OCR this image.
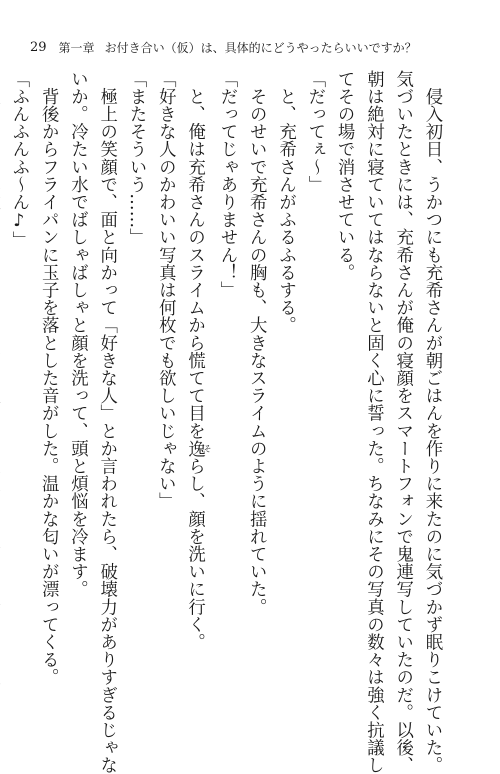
29 第一章 お付き合い（仮）は、具体的にどうやったらいいですか？

　侵入初日、うかつにも充希さんが朝ごはんを作りに来たのに気づかず眠りこけていた。

気づいたときには、充希さんが俺の寝顔をスマートフォンで鬼連写していたのだ。以後、

朝は絶対に寝ていてはならないと固く心に誓った。ちなみにその写真の数々は強く抗議し

てその場で消させている。

「だってぇ～」

　と、充希さんがふるふるする。

　そのせいで充希さんの胸も、大きなスライムのように揺れていた。

「だってじゃありません！」

　と、俺は充希さんのスライムから慌てて目を逸そらし、顔を洗いに行く。

「好きな人のかわいい写真は何枚でも欲しいじゃない」

「またそういう……」

　極上の笑顔で、面と向かって「好きな人」とか言われたら、破壊力がありすぎるじゃな

いか。冷たい水でばしゃばしゃと顔を洗って、頭と煩悩を冷ます。

　背後からフライパンに玉子を落とした音がした。温かな匂いが漂ってくる。

「ふんふんふ～ん♪」
